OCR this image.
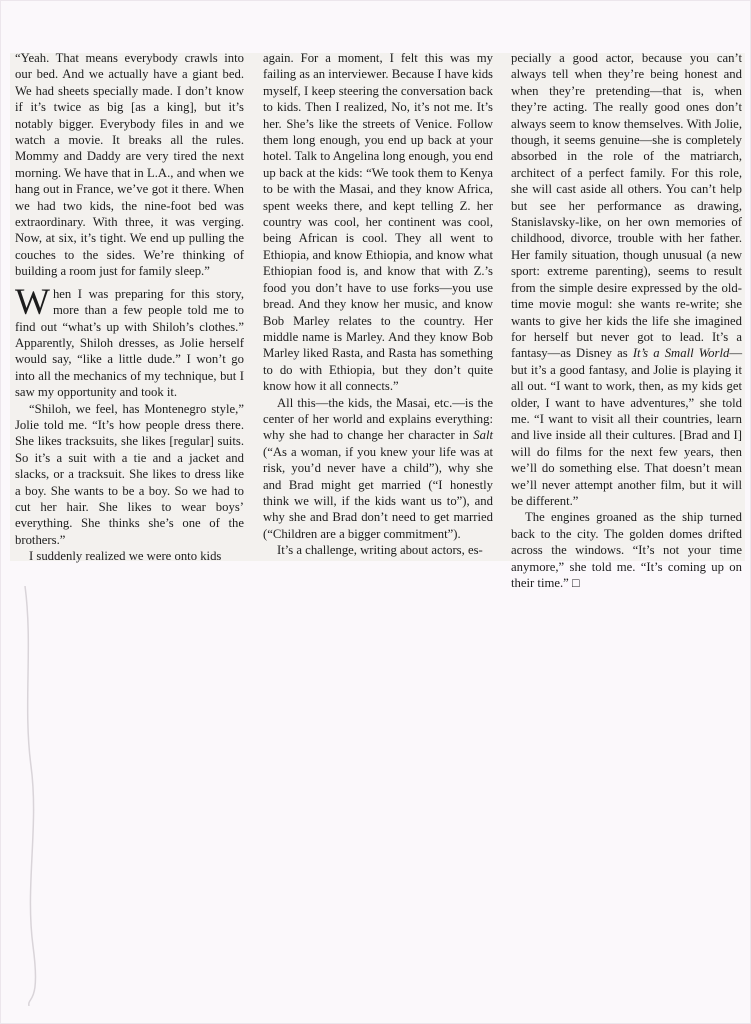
“Yeah. That means everybody crawls into our bed. And we actually have a giant bed. We had sheets specially made. I don’t know if it’s twice as big [as a king], but it’s notably bigger. Everybody files in and we watch a movie. It breaks all the rules. Mommy and Daddy are very tired the next morning. We have that in L.A., and when we hang out in France, we’ve got it there. When we had two kids, the nine-foot bed was extraordinary. With three, it was verging. Now, at six, it’s tight. We end up pulling the couches to the sides. We’re thinking of building a room just for family sleep.”

When I was preparing for this story, more than a few people told me to find out “what’s up with Shiloh’s clothes.” Apparently, Shiloh dresses, as Jolie herself would say, “like a little dude.” I won’t go into all the mechanics of my technique, but I saw my opportunity and took it.

“Shiloh, we feel, has Montenegro style,” Jolie told me. “It’s how people dress there. She likes tracksuits, she likes [regular] suits. So it’s a suit with a tie and a jacket and slacks, or a tracksuit. She likes to dress like a boy. She wants to be a boy. So we had to cut her hair. She likes to wear boys’ everything. She thinks she’s one of the brothers.”

I suddenly realized we were onto kids

again. For a moment, I felt this was my failing as an interviewer. Because I have kids myself, I keep steering the conversation back to kids. Then I realized, No, it’s not me. It’s her. She’s like the streets of Venice. Follow them long enough, you end up back at your hotel. Talk to Angelina long enough, you end up back at the kids: “We took them to Kenya to be with the Masai, and they know Africa, spent weeks there, and kept telling Z. her country was cool, her continent was cool, being African is cool. They all went to Ethiopia, and know Ethiopia, and know what Ethiopian food is, and know that with Z.’s food you don’t have to use forks—you use bread. And they know her music, and know Bob Marley relates to the country. Her middle name is Marley. And they know Bob Marley liked Rasta, and Rasta has something to do with Ethiopia, but they don’t quite know how it all connects.”

All this—the kids, the Masai, etc.—is the center of her world and explains everything: why she had to change her character in Salt (“As a woman, if you knew your life was at risk, you’d never have a child”), why she and Brad might get married (“I honestly think we will, if the kids want us to”), and why she and Brad don’t need to get married (“Children are a bigger commitment”).

It’s a challenge, writing about actors, es-

pecially a good actor, because you can’t always tell when they’re being honest and when they’re pretending—that is, when they’re acting. The really good ones don’t always seem to know themselves. With Jolie, though, it seems genuine—she is completely absorbed in the role of the matriarch, architect of a perfect family. For this role, she will cast aside all others. You can’t help but see her performance as drawing, Stanislavsky-like, on her own memories of childhood, divorce, trouble with her father. Her family situation, though unusual (a new sport: extreme parenting), seems to result from the simple desire expressed by the old-time movie mogul: she wants re-write; she wants to give her kids the life she imagined for herself but never got to lead. It’s a fantasy—as Disney as It’s a Small World—but it’s a good fantasy, and Jolie is playing it all out. “I want to work, then, as my kids get older, I want to have adventures,” she told me. “I want to visit all their countries, learn and live inside all their cultures. [Brad and I] will do films for the next few years, then we’ll do something else. That doesn’t mean we’ll never attempt another film, but it will be different.”

The engines groaned as the ship turned back to the city. The golden domes drifted across the windows. “It’s not your time anymore,” she told me. “It’s coming up on their time.” □
